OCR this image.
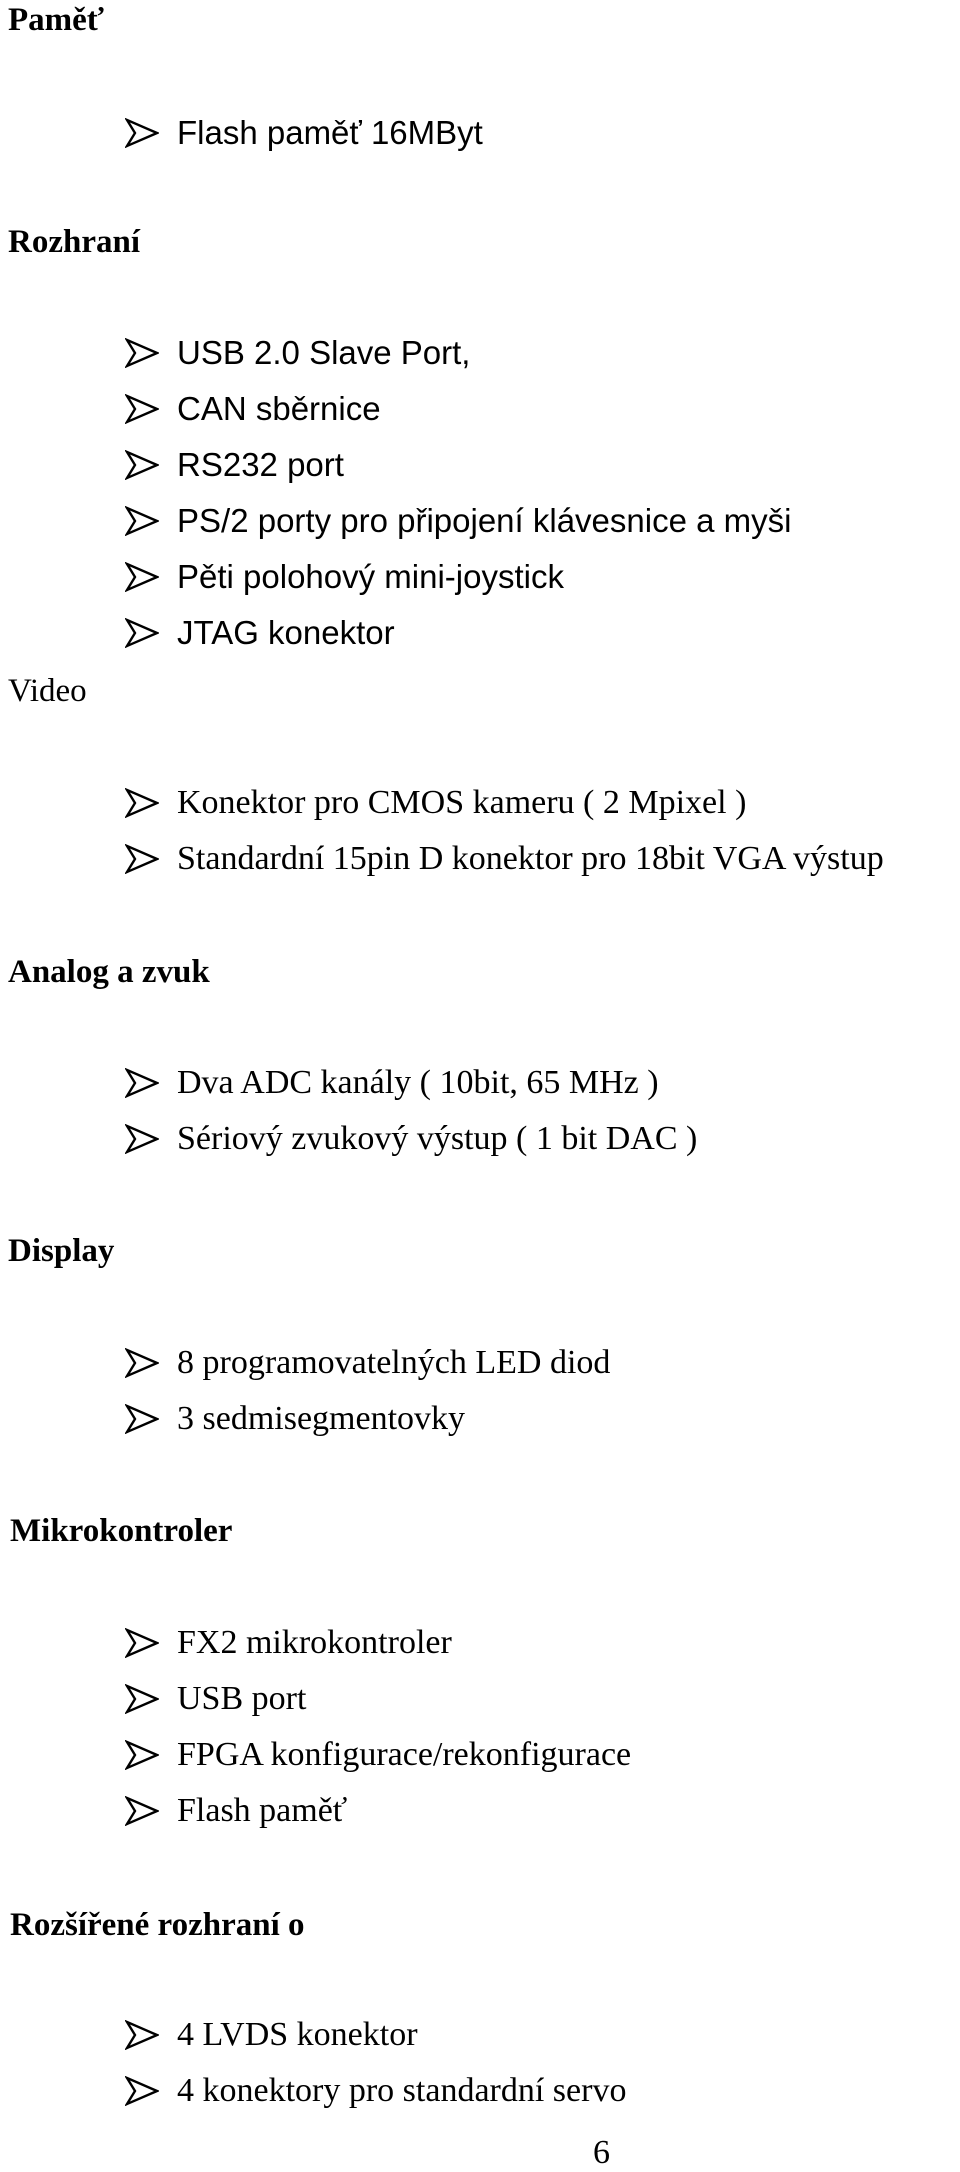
Paměť
Flash paměť 16MByt
Rozhraní
USB 2.0 Slave Port,
CAN sběrnice
RS232 port
PS/2 porty pro připojení klávesnice a myši
Pěti polohový mini-joystick
JTAG konektor
Video
Konektor pro CMOS kameru ( 2 Mpixel )
Standardní 15pin D konektor pro 18bit VGA výstup
Analog a zvuk
Dva ADC kanály ( 10bit, 65 MHz )
Sériový zvukový výstup ( 1 bit DAC )
Display
8 programovatelných LED diod
3 sedmisegmentovky
Mikrokontroler
FX2 mikrokontroler
USB port
FPGA konfigurace/rekonfigurace
Flash paměť
Rozšířené rozhraní o
4 LVDS konektor
4 konektory pro standardní servo
6
